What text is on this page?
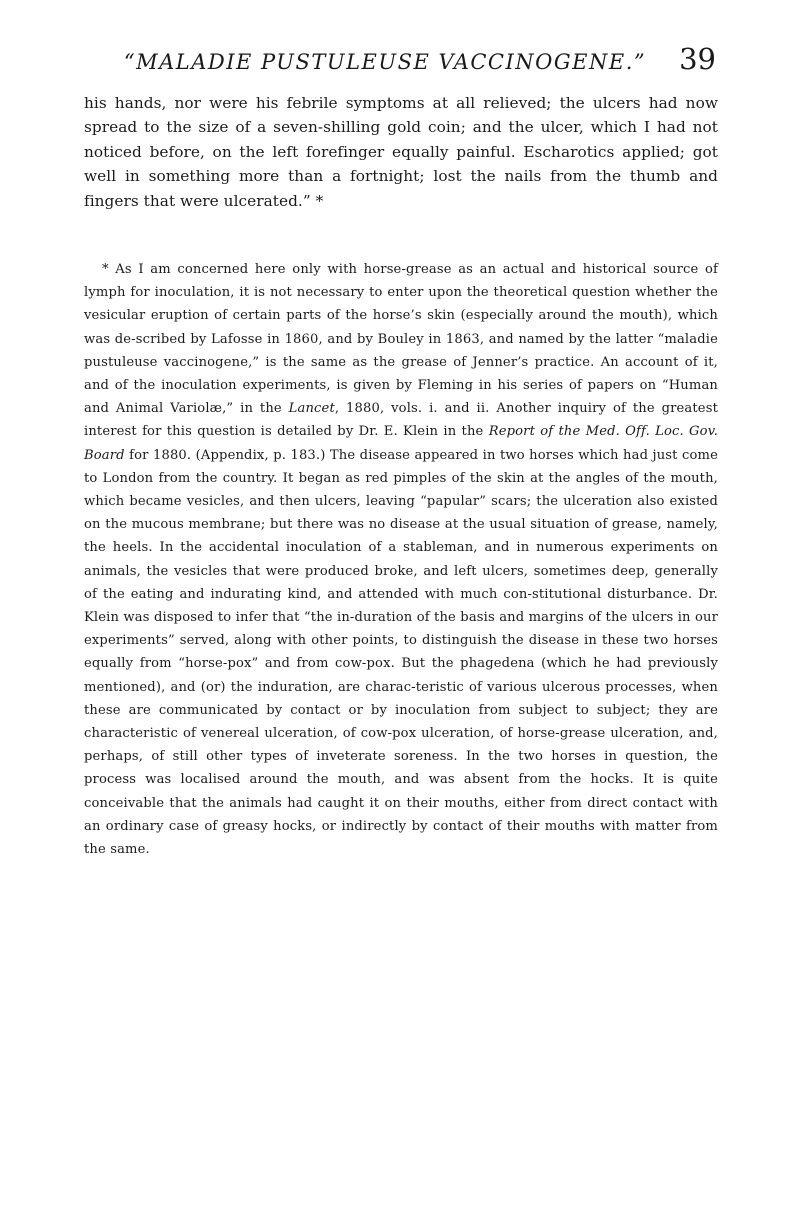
“MALADIE PUSTULEUSE VACCINOGENE.”	39

his hands, nor were his febrile symptoms at all relieved; the ulcers had now spread to the size of a seven-shilling gold coin; and the ulcer, which I had not noticed before, on the left forefinger equally painful. Escharotics applied; got well in something more than a fortnight; lost the nails from the thumb and fingers that were ulcerated.” *

* As I am concerned here only with horse-grease as an actual and historical source of lymph for inoculation, it is not necessary to enter upon the theoretical question whether the vesicular eruption of certain parts of the horse’s skin (especially around the mouth), which was de-scribed by Lafosse in 1860, and by Bouley in 1863, and named by the latter “maladie pustuleuse vaccinogene,” is the same as the grease of Jenner’s practice. An account of it, and of the inoculation experiments, is given by Fleming in his series of papers on “Human and Animal Variolæ,” in the Lancet, 1880, vols. i. and ii. Another inquiry of the greatest interest for this question is detailed by Dr. E. Klein in the Report of the Med. Off. Loc. Gov. Board for 1880. (Appendix, p. 183.) The disease appeared in two horses which had just come to London from the country. It began as red pimples of the skin at the angles of the mouth, which became vesicles, and then ulcers, leaving “papular” scars; the ulceration also existed on the mucous membrane; but there was no disease at the usual situation of grease, namely, the heels. In the accidental inoculation of a stableman, and in numerous experiments on animals, the vesicles that were produced broke, and left ulcers, sometimes deep, generally of the eating and indurating kind, and attended with much con-stitutional disturbance. Dr. Klein was disposed to infer that “the in-duration of the basis and margins of the ulcers in our experiments” served, along with other points, to distinguish the disease in these two horses equally from “horse-pox” and from cow-pox. But the phagedena (which he had previously mentioned), and (or) the induration, are charac-teristic of various ulcerous processes, when these are communicated by contact or by inoculation from subject to subject; they are characteristic of venereal ulceration, of cow-pox ulceration, of horse-grease ulceration, and, perhaps, of still other types of inveterate soreness. In the two horses in question, the process was localised around the mouth, and was absent from the hocks. It is quite conceivable that the animals had caught it on their mouths, either from direct contact with an ordinary case of greasy hocks, or indirectly by contact of their mouths with matter from the same.
